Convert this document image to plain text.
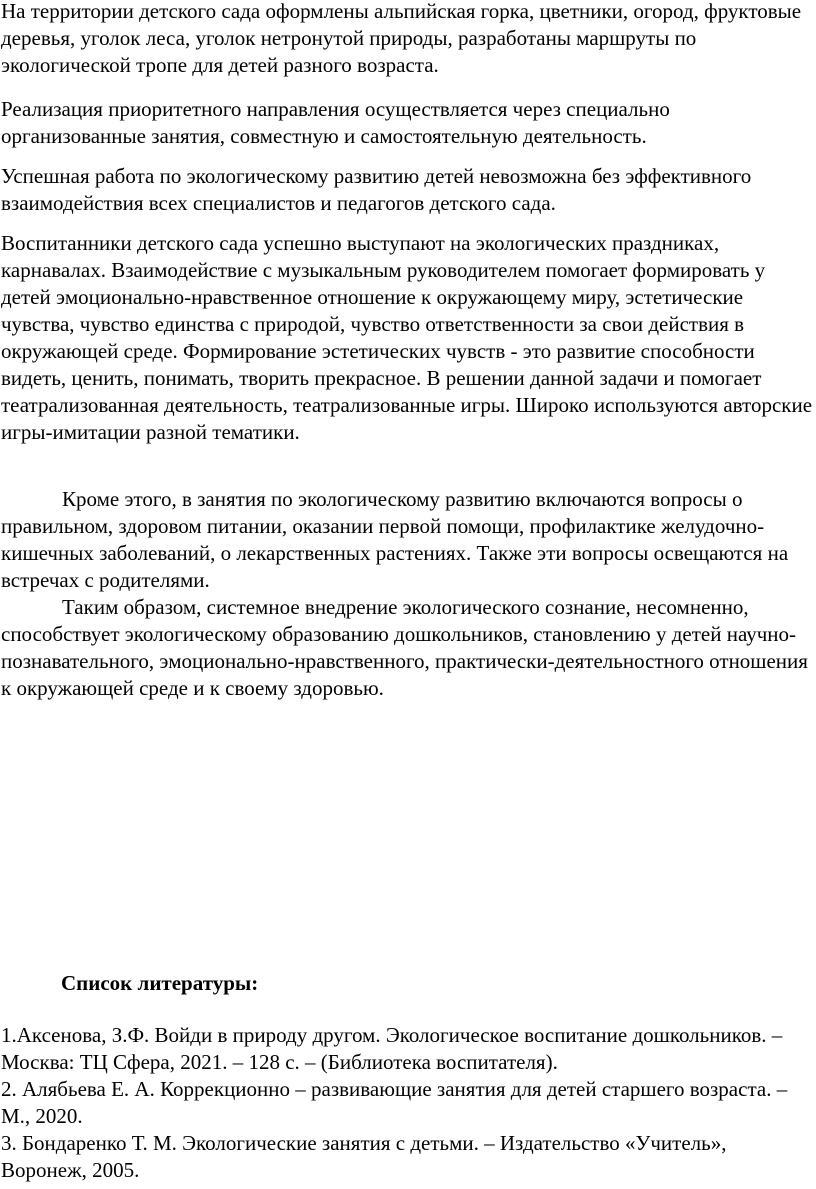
На территории детского сада оформлены альпийская горка, цветники, огород, фруктовые деревья, уголок леса, уголок нетронутой природы, разработаны маршруты по экологической тропе для детей разного возраста.

Реализация приоритетного направления осуществляется через специально организованные занятия, совместную и самостоятельную деятельность.

Успешная работа по экологическому развитию детей невозможна без эффективного взаимодействия всех специалистов и педагогов детского сада.

Воспитанники детского сада успешно выступают на экологических праздниках, карнавалах. Взаимодействие с музыкальным руководителем помогает формировать у детей эмоционально-нравственное отношение к окружающему миру, эстетические чувства, чувство единства с природой, чувство ответственности за свои действия в окружающей среде. Формирование эстетических чувств - это развитие способности видеть, ценить, понимать, творить прекрасное. В решении данной задачи и помогает театрализованная деятельность, театрализованные игры. Широко используются авторские игры-имитации разной тематики.

Кроме этого, в занятия по экологическому развитию включаются вопросы о правильном, здоровом питании, оказании первой помощи, профилактике желудочно-кишечных заболеваний, о лекарственных растениях. Также эти вопросы освещаются на встречах с родителями.

Таким образом, системное внедрение экологического сознание, несомненно, способствует экологическому образованию дошкольников, становлению у детей научно-познавательного, эмоционально-нравственного, практически-деятельностного отношения к окружающей среде и к своему здоровью.

Список литературы:

1.Аксенова, З.Ф. Войди в природу другом. Экологическое воспитание дошкольников. – Москва: ТЦ Сфера, 2021. – 128 с. – (Библиотека воспитателя).

2. Алябьева Е. А. Коррекционно – развивающие занятия для детей старшего возраста. – М., 2020.

3. Бондаренко Т. М. Экологические занятия с детьми. – Издательство «Учитель», Воронеж, 2005.
